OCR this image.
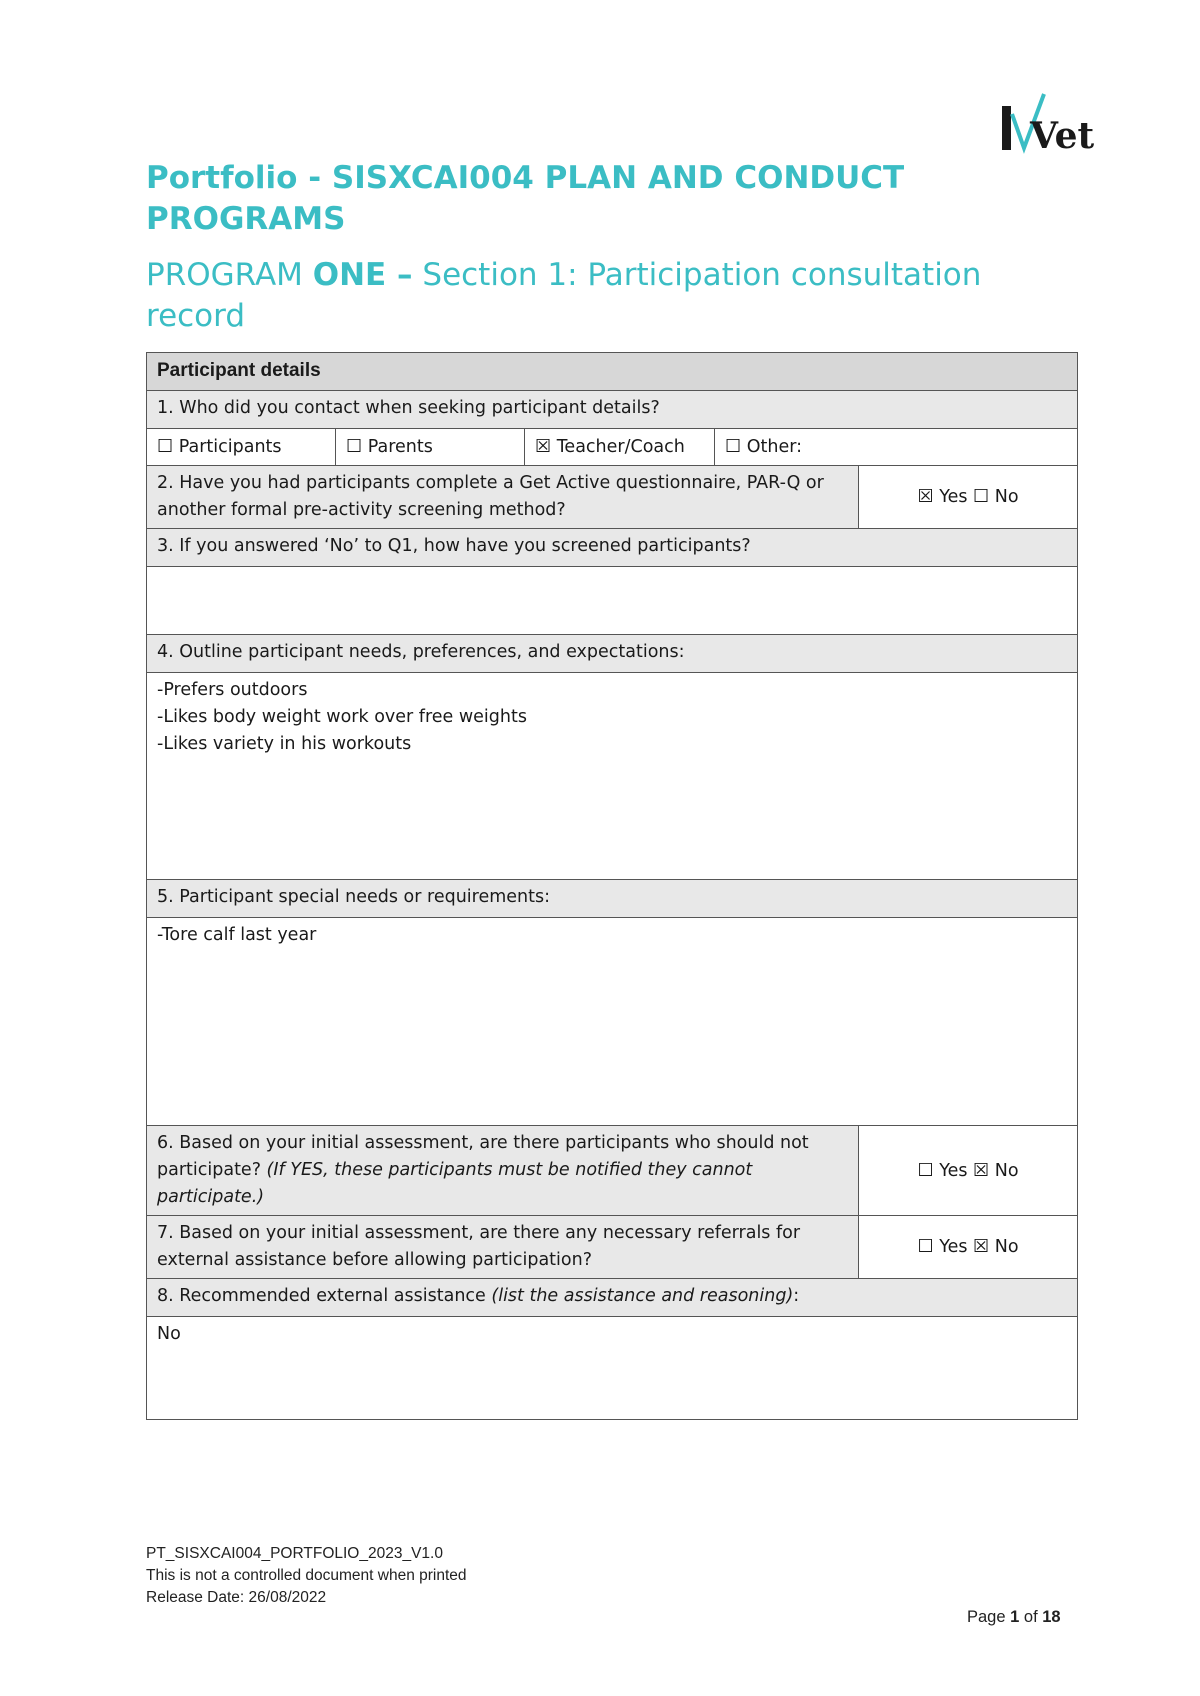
Vet
Portfolio - SISXCAI004 PLAN AND CONDUCT PROGRAMS
PROGRAM ONE – Section 1: Participation consultation record
Participant details				
1. Who did you contact when seeking participant details?				
☐ Participants	☐ Parents	☒ Teacher/Coach	☐ Other:	
2. Have you had participants complete a Get Active questionnaire, PAR-Q or another formal pre-activity screening method?				☒ Yes ☐ No
3. If you answered ‘No’ to Q1, how have you screened participants?				

4. Outline participant needs, preferences, and expectations:				

-Prefers outdoors
-Likes body weight work over free weights
-Likes variety in his workouts				

5. Participant special needs or requirements:				

-Tore calf last year				

6. Based on your initial assessment, are there participants who should not participate? (If YES, these participants must be notified they cannot participate.)				☐ Yes ☒ No
7. Based on your initial assessment, are there any necessary referrals for external assistance before allowing participation?				☐ Yes ☒ No
8. Recommended external assistance (list the assistance and reasoning):				

No				
PT_SISXCAI004_PORTFOLIO_2023_V1.0
This is not a controlled document when printed
Release Date: 26/08/2022
Page 1 of 18
